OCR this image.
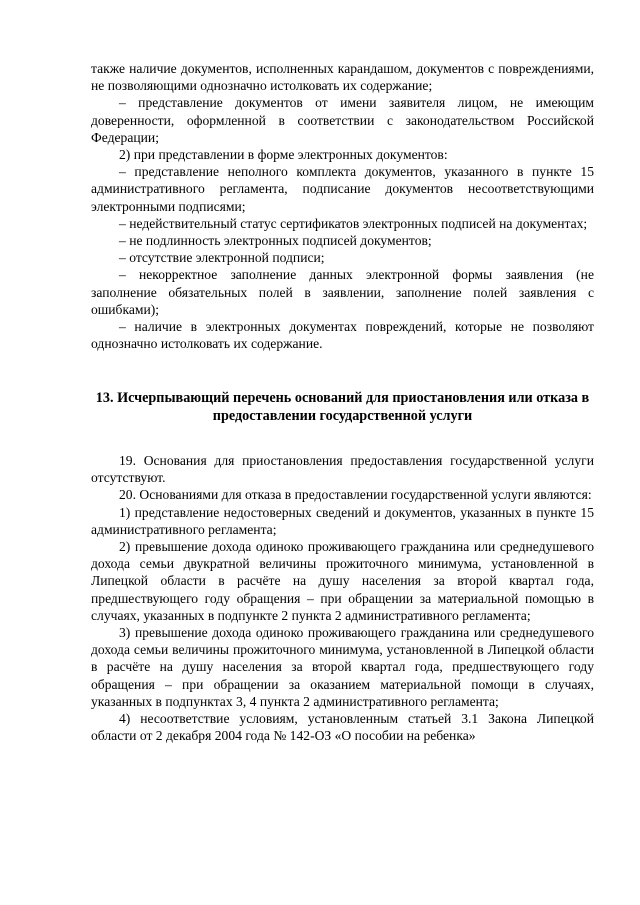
также наличие документов, исполненных карандашом, документов с повреждениями, не позволяющими однозначно истолковать их содержание;

– представление документов от имени заявителя лицом, не имеющим доверенности, оформленной в соответствии с законодательством Российской Федерации;

2) при представлении в форме электронных документов:

– представление неполного комплекта документов, указанного в пункте 15 административного регламента, подписание документов несоответствующими электронными подписями;

– недействительный статус сертификатов электронных подписей на документах;

– не подлинность электронных подписей документов;

– отсутствие электронной подписи;

– некорректное заполнение данных электронной формы заявления (не заполнение обязательных полей в заявлении, заполнение полей заявления с ошибками);

– наличие в электронных документах повреждений, которые не позволяют однозначно истолковать их содержание.

13. Исчерпывающий перечень оснований для приостановления или отказа в предоставлении государственной услуги

19. Основания для приостановления предоставления государственной услуги отсутствуют.

20. Основаниями для отказа в предоставлении государственной услуги являются:

1) представление недостоверных сведений и документов, указанных в пункте 15 административного регламента;

2) превышение дохода одиноко проживающего гражданина или среднедушевого дохода семьи двукратной величины прожиточного минимума, установленной в Липецкой области в расчёте на душу населения за второй квартал года, предшествующего году обращения – при обращении за материальной помощью в случаях, указанных в подпункте 2 пункта 2 административного регламента;

3) превышение дохода одиноко проживающего гражданина или среднедушевого дохода семьи величины прожиточного минимума, установленной в Липецкой области в расчёте на душу населения за второй квартал года, предшествующего году обращения – при обращении за оказанием материальной помощи в случаях, указанных в подпунктах 3, 4 пункта 2 административного регламента;

4) несоответствие условиям, установленным статьей 3.1 Закона Липецкой области от 2 декабря 2004 года № 142-ОЗ «О пособии на ребенка»
